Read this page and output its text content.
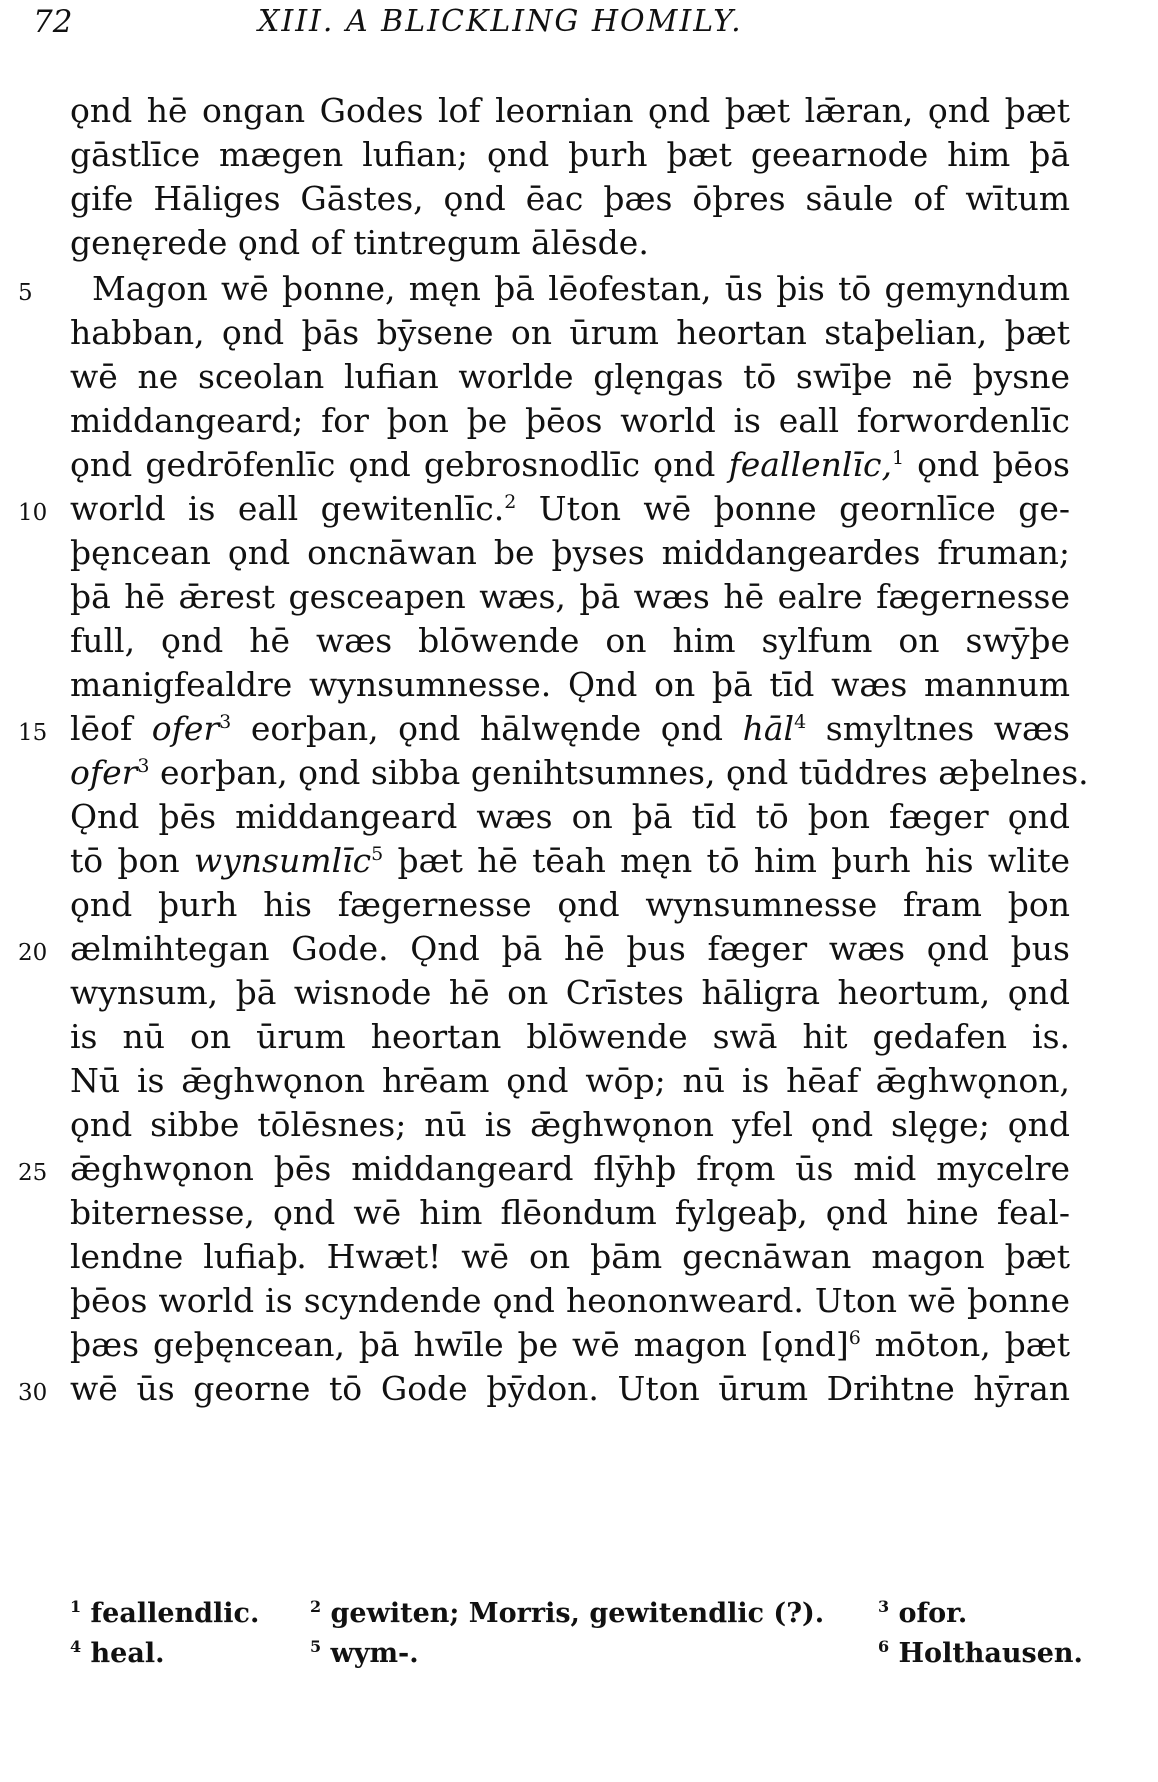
72	XIII. A BLICKLING HOMILY.
ǫnd hē ongan Godes lof leornian ǫnd þæt lǣran, ǫnd þæt
gāstlīce mægen lufian; ǫnd þurh þæt geearnode him þā
gife Hāliges Gāstes, ǫnd ēac þæs ōþres sāule of wītum
genęrede ǫnd of tintregum ālēsde.
5	Magon wē þonne, męn þā lēofestan, ūs þis tō gemyndum
habban, ǫnd þās bȳsene on ūrum heortan staþelian, þæt
wē ne sceolan lufian worlde glęngas tō swīþe nē þysne
middangeard; for þon þe þēos world is eall forwordenlīc
ǫnd gedrōfenlīc ǫnd gebrosnodlīc ǫnd feallenlīc,$^1$ ǫnd þēos
10 world is eall gewitenlīc.$^2$ Uton wē þonne geornlīce ge-
þęncean ǫnd oncnāwan be þyses middangeardes fruman;
þā hē ǣrest gesceapen wæs, þā wæs hē ealre fægernesse
full, ǫnd hē wæs blōwende on him sylfum on swȳþe
manigfealdre wynsumnesse. Ǫnd on þā tīd wæs mannum
15 lēof ofer$^3$ eorþan, ǫnd hālwęnde ǫnd hāl$^4$ smyltnes wæs
ofer$^3$ eorþan, ǫnd sibba genihtsumnes, ǫnd tūddres æþelnes.
Ǫnd þēs middangeard wæs on þā tīd tō þon fæger ǫnd
tō þon wynsumlīc$^5$ þæt hē tēah męn tō him þurh his wlite
ǫnd þurh his fægernesse ǫnd wynsumnesse fram þon
20 ælmihtegan Gode. Ǫnd þā hē þus fæger wæs ǫnd þus
wynsum, þā wisnode hē on Crīstes hāligra heortum, ǫnd
is nū on ūrum heortan blōwende swā hit gedafen is.
Nū is ǣghwǫnon hrēam ǫnd wōp; nū is hēaf ǣghwǫnon,
ǫnd sibbe tōlēsnes; nū is ǣghwǫnon yfel ǫnd slęge; ǫnd
25 ǣghwǫnon þēs middangeard flȳhþ frǫm ūs mid mycelre
biternesse, ǫnd wē him flēondum fylgeaþ, ǫnd hine feal-
lendne lufiaþ. Hwæt! wē on þām gecnāwan magon þæt
þēos world is scyndende ǫnd heononweard. Uton wē þonne
þæs geþęncean, þā hwīle þe wē magon [ǫnd]$^6$ mōton, þæt
30 wē ūs georne tō Gode þȳdon. Uton ūrum Drihtne hȳran
$^1$ feallendlic.	$^2$ gewiten; Morris, gewitendlic (?).	$^3$ ofor.
$^4$ heal.	$^5$ wym-.	$^6$ Holthausen.
